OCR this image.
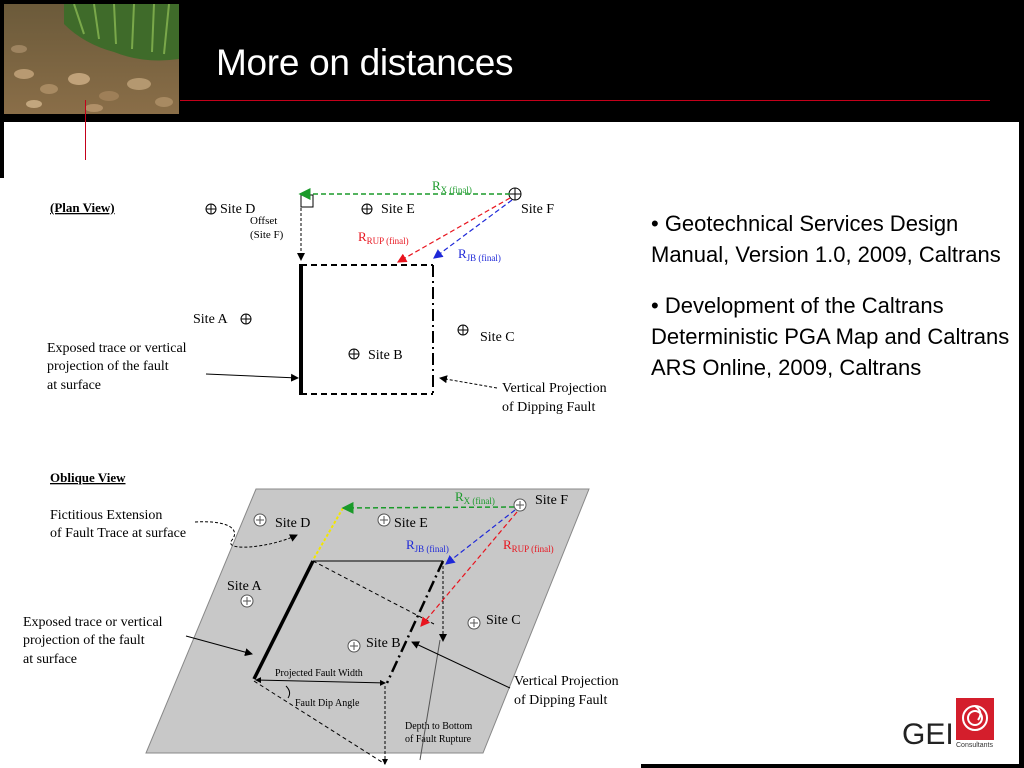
More on distances
(Plan View)	Site D	Site E	Site F
Site A
Site B
Site C
Offset
(Site F)
$R_{X (final)}$
$R_{RUP (final)}$
$R_{JB (final)}$
Exposed trace or vertical
projection of the fault
at surface	Vertical Projection
of Dipping Fault
Oblique View
Fictitious Extension
of Fault Trace at surface
Projected Fault Width
Fault Dip Angle
Depth to Bottom
of Fault Rupture
Site D	Site E
Site F
Site A
Site B
Site C
$R_{X (final)}$
$R_{JB (final)}$	$R_{RUP (final)}$
Exposed trace or vertical
projection of the fault
at surface
Vertical Projection
of Dipping Fault
• Geotechnical Services Design Manual, Version 1.0, 2009, Caltrans
• Development of the Caltrans Deterministic PGA Map and Caltrans ARS Online, 2009, Caltrans
GEI Consultants
